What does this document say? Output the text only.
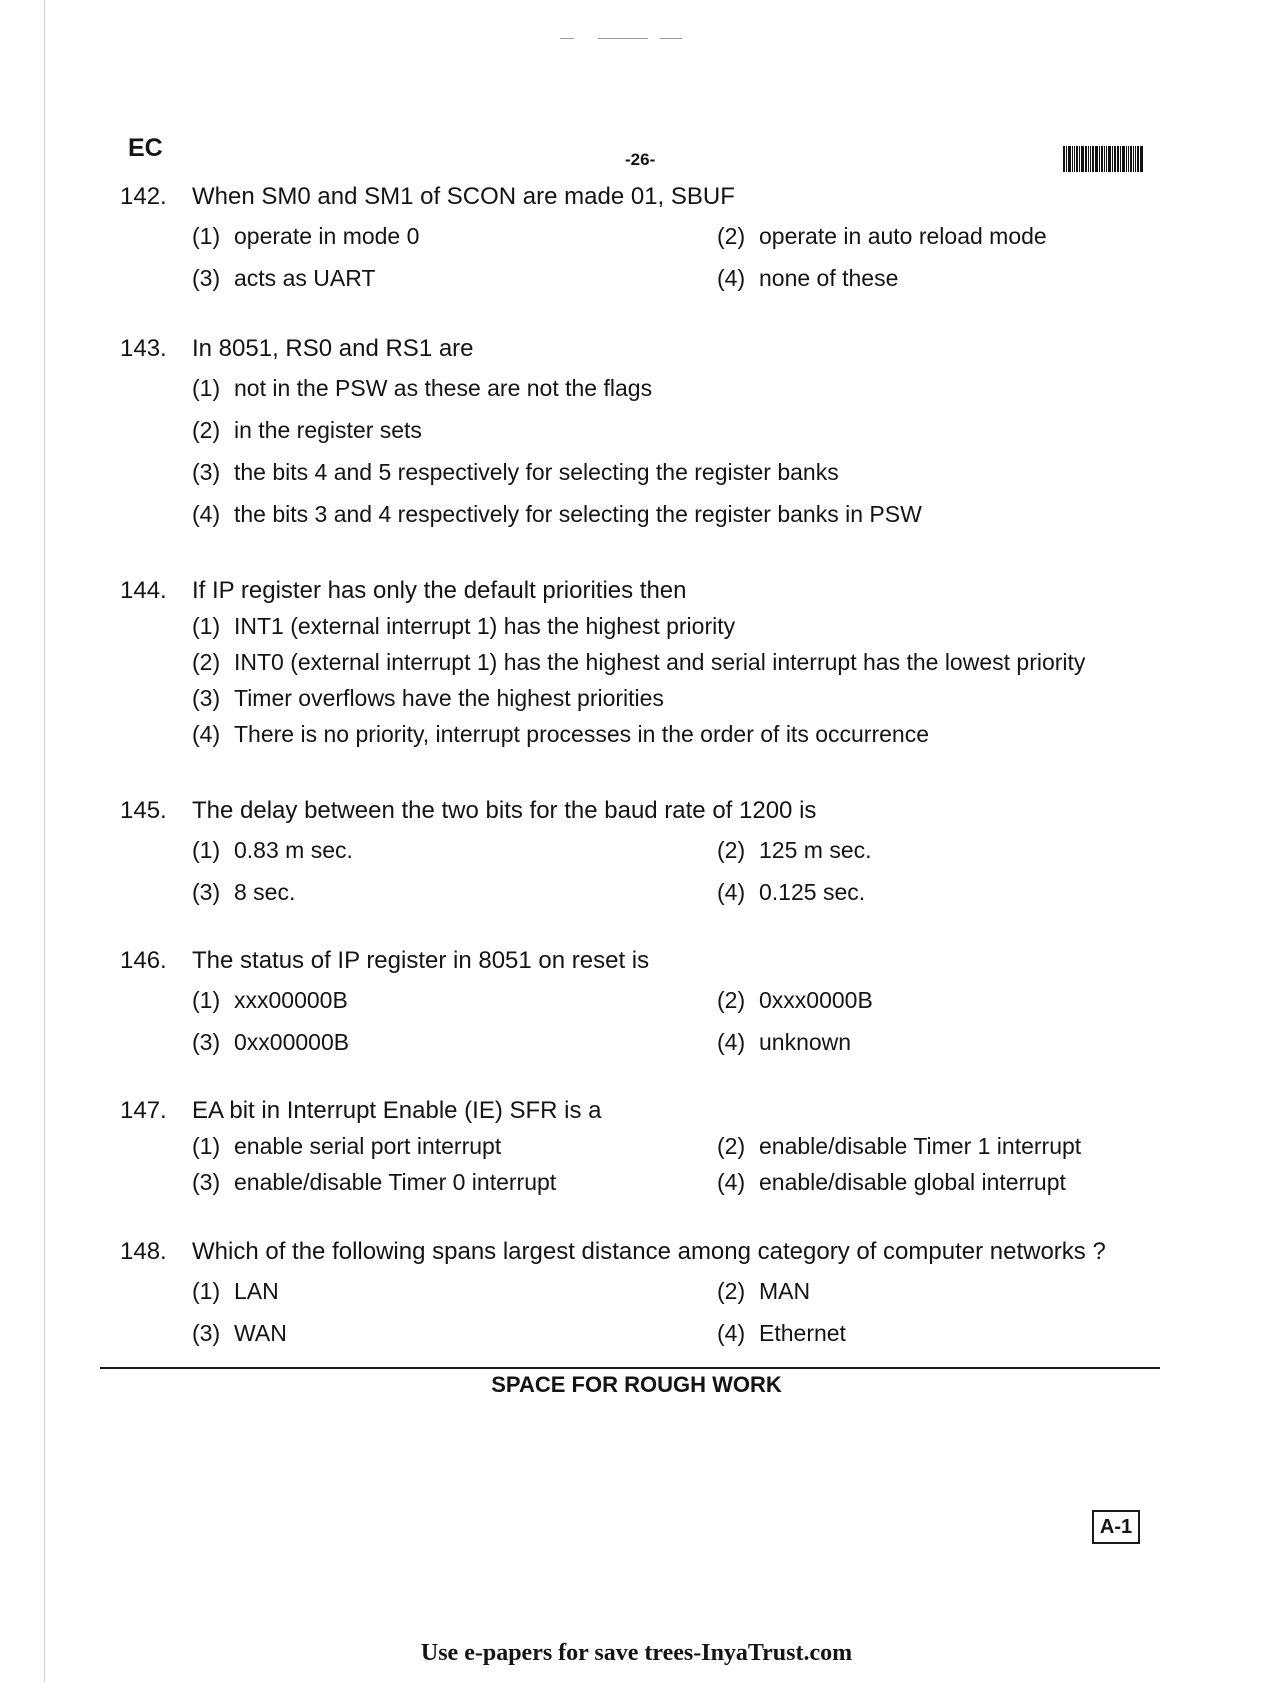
EC	-26-
142.	When SM0 and SM1 of SCON are made 01, SBUF
(1) operate in mode 0	(2) operate in auto reload mode
(3) acts as UART	(4) none of these
143.	In 8051, RS0 and RS1 are
(1) not in the PSW as these are not the flags
(2) in the register sets
(3) the bits 4 and 5 respectively for selecting the register banks
(4) the bits 3 and 4 respectively for selecting the register banks in PSW
144.	If IP register has only the default priorities then
(1) INT1 (external interrupt 1) has the highest priority
(2) INT0 (external interrupt 1) has the highest and serial interrupt has the lowest priority
(3) Timer overflows have the highest priorities
(4) There is no priority, interrupt processes in the order of its occurrence
145.	The delay between the two bits for the baud rate of 1200 is
(1) 0.83 m sec.	(2) 125 m sec.
(3) 8 sec.	(4) 0.125 sec.
146.	The status of IP register in 8051 on reset is
(1) xxx00000B	(2) 0xxx0000B
(3) 0xx00000B	(4) unknown
147.	EA bit in Interrupt Enable (IE) SFR is a
(1) enable serial port interrupt	(2) enable/disable Timer 1 interrupt
(3) enable/disable Timer 0 interrupt	(4) enable/disable global interrupt
148.	Which of the following spans largest distance among category of computer networks ?
(1) LAN	(2) MAN
(3) WAN	(4) Ethernet
SPACE FOR ROUGH WORK
A-1
Use e-papers for save trees-InyaTrust.com
